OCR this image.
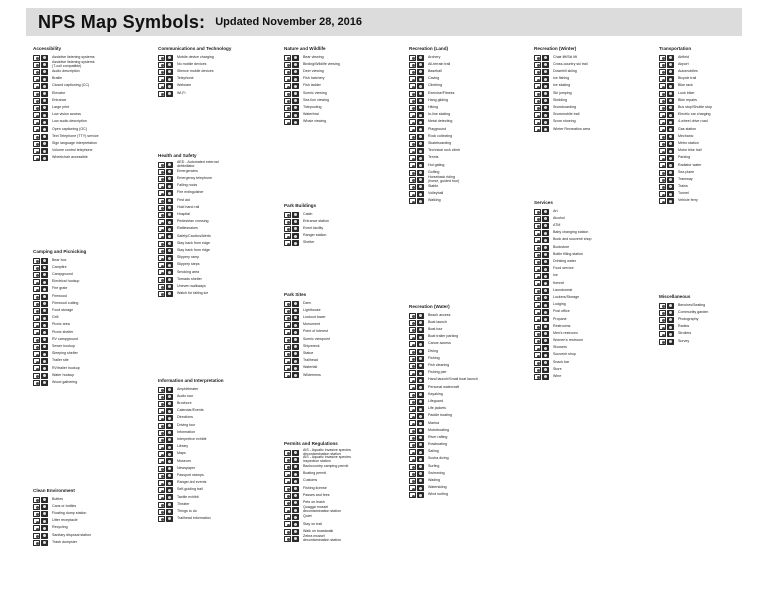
NPS Map Symbols: Updated November 28, 2016
Accessibility
Assistive listening systems
Assistive listening systems
(T-coil compatible)
Audio description
Braille
Closed captioning (CC)
Elevator
Entrance
Large print
Low vision access
Low audio description
Open captioning (OC)
Text Telephone (TTY) service
Sign language interpretation
Volume control telephone
Wheelchair accessible
Camping and Picnicking
Bear box
Campfire
Campground
Electrical hookup
Fire grate
Firewood
Firewood cutting
Food storage
Grill
Picnic area
Picnic shelter
RV campground
Sewer hookup
Sleeping shelter
Trailer site
RV/trailer hookup
Water hookup
Wood gathering
Clean Environment
Bottles
Cans or bottles
Floating dump station
Litter receptacle
Recycling
Sanitary disposal station
Trash dumpster
Communications and Technology
Mobile device charging
No mobile devices
Silence mobile devices
Telephone
Webcam
Wi-Fi
Health and Safety
AED - Automated external
defibrillator
Emergencies
Emergency telephone
Falling rocks
Fire extinguisher
First aid
Hold hand rail
Hospital
Pedestrian crossing
Rattlesnakes
Safety/Caution/Alerts
Stay back from edge
Stay back from ridge
Slippery ramp
Slippery steps
Smoking area
Tornado shelter
Uneven walkways
Watch for falling ice
Information and Interpretation
Amphitheater
Audio tour
Brochure
Calendar/Events
Directions
Driving tour
Information
Interpretive exhibit
Library
Maps
Museum
Newspaper
Passport stamps
Ranger-led events
Self-guiding trail
Tactile exhibit
Theater
Things to do
Trailhead information
Nature and Wildlife
Bear viewing
Birding/Wildlife viewing
Deer viewing
Fish hatchery
Fish ladder
Scenic viewing
Sea lion viewing
Tidepooling
Waterfowl
Whale viewing
Park Buildings
Cabin
Entrance station
Event facility
Ranger station
Shelter
Park Sites
Dam
Lighthouse
Lookout tower
Monument
Point of interest
Scenic viewpoint
Shipwreck
Statue
Trailhead
Waterfall
Wilderness
Permits and Regulations
AIS - Aquatic invasive species
decontamination station
AIS - Aquatic invasive species
inspection station
Backcountry camping permit
Boating permit
Customs
Fishing license
Passes and fees
Pets on leash
Quagga mussel
decontamination station
Quiet
Stay on trail
Walk on boardwalk
Zebra mussel
decontamination station
Recreation (Land)
Archery
All-terrain trail
Baseball
Caving
Climbing
Exercise/Fitness
Hang gliding
Hiking
In-line skating
Metal detecting
Playground
Rock collecting
Skateboarding
Technical rock climb
Tennis
Hot gating
Golfing
Horseback riding
(horse, guided tour)
Stable
Volleyball
Walking
Recreation (Water)
Beach access
Boat launch
Boat tour
Boat trailer parking
Canoe access
Diving
Fishing
Fish cleaning
Fishing pier
Hand launch/Small boat launch
Personal watercraft
Kayaking
Lifeguard
Life jackets
Paddle boating
Marina
Motorboating
River rafting
Rowboating
Sailing
Scuba diving
Surfing
Swimming
Wading
Waterskiing
Wind surfing
Recreation (Winter)
Chair lift/Ski lift
Cross-country ski trail
Downhill skiing
Ice fishing
Ice skating
Ski jumping
Sledding
Snowboarding
Snowmobile trail
Snow shoeing
Winter Recreation area
Services
Art
Alcohol
ATM
Baby changing station
Book and souvenir shop
Bookstore
Bottle filling station
Drinking water
Food service
Ice
Kennel
Laundromat
Lockers/Storage
Lodging
Post office
Propane
Restrooms
Men's restroom
Women's restroom
Showers
Souvenir shop
Snack bar
Store
Wine
Transportation
Airfield
Airport
Automobiles
Bicycle trail
Bike rack
Look biker
Bike repairs
Bus stop/Shuttle stop
Electric car charging
4-wheel drive road
Gas station
Mechanic
Metro station
Motor bike trail
Parking
Radiator water
Sea plane
Tramway
Trains
Tunnel
Vehicle ferry
Miscellaneous
Benches/Seating
Community garden
Photography
Radios
Strollers
Survey
